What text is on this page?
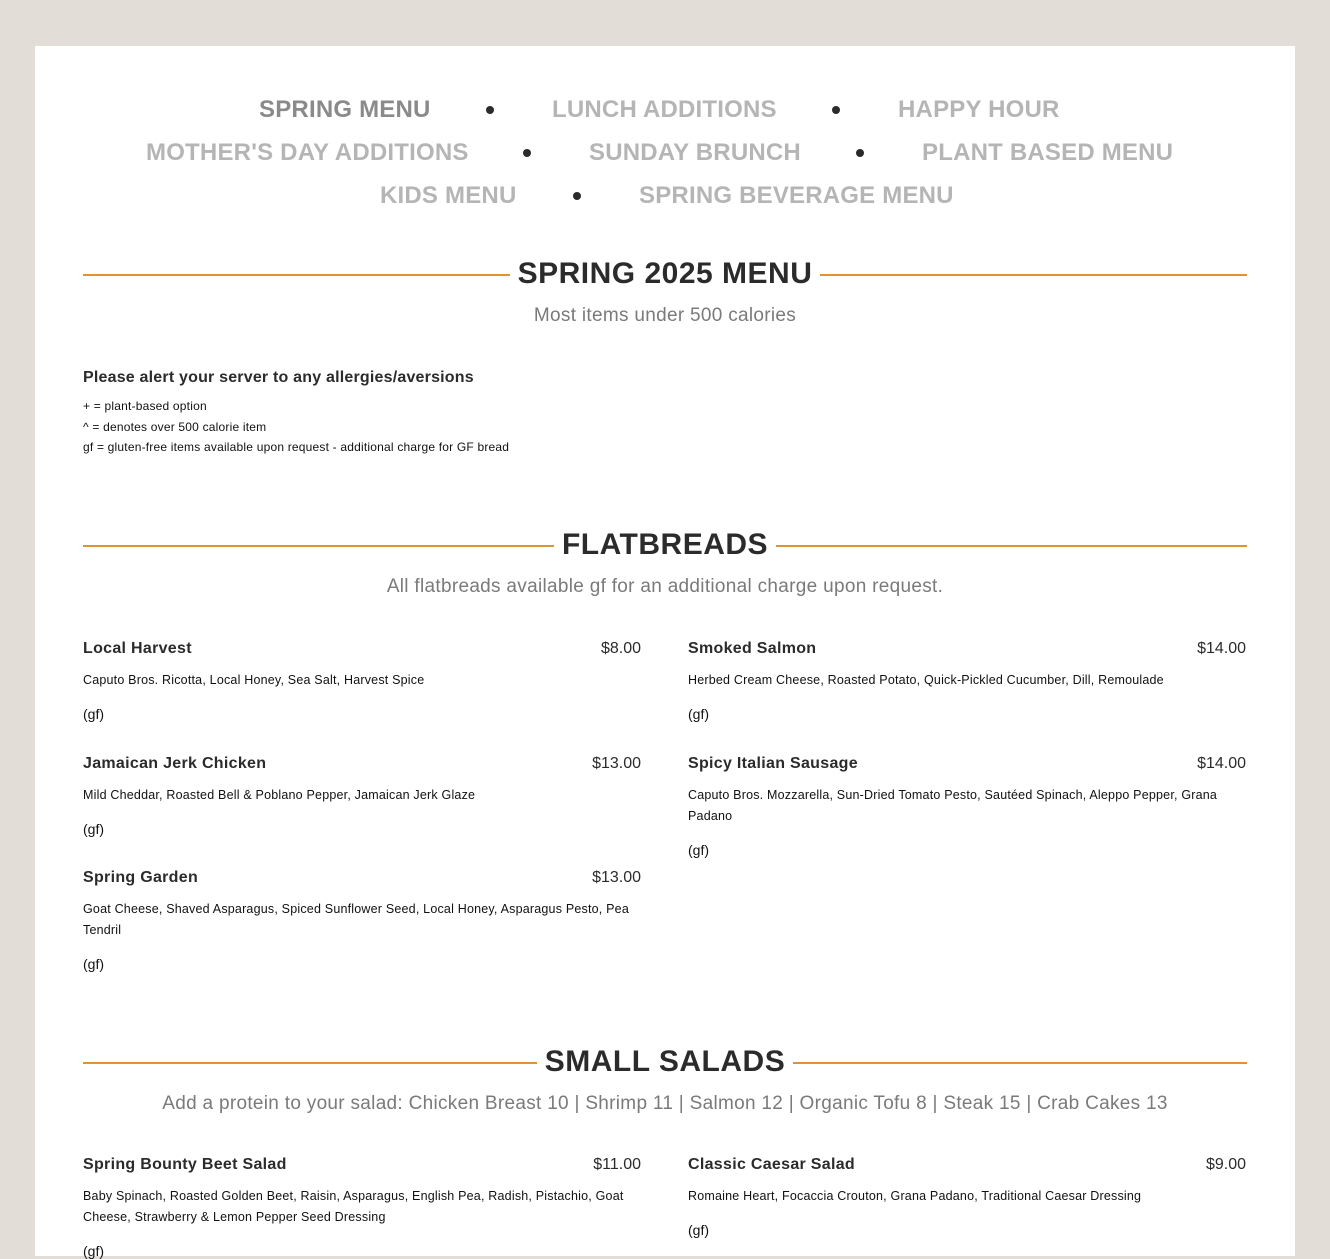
SPRING MENU	LUNCH ADDITIONS	HAPPY HOUR
MOTHER'S DAY ADDITIONS	SUNDAY BRUNCH	PLANT BASED MENU
KIDS MENU	SPRING BEVERAGE MENU
SPRING 2025 MENU
Most items under 500 calories
Please alert your server to any allergies/aversions
+ = plant-based option
^ = denotes over 500 calorie item
gf = gluten-free items available upon request - additional charge for GF bread
FLATBREADS
All flatbreads available gf for an additional charge upon request.
Local Harvest	$8.00
Caputo Bros. Ricotta, Local Honey, Sea Salt, Harvest Spice
(gf)
Smoked Salmon	$14.00
Herbed Cream Cheese, Roasted Potato, Quick-Pickled Cucumber, Dill, Remoulade
(gf)
Jamaican Jerk Chicken	$13.00
Mild Cheddar, Roasted Bell & Poblano Pepper, Jamaican Jerk Glaze
(gf)
Spicy Italian Sausage	$14.00
Caputo Bros. Mozzarella, Sun-Dried Tomato Pesto, Sautéed Spinach, Aleppo Pepper, Grana Padano
(gf)
Spring Garden	$13.00
Goat Cheese, Shaved Asparagus, Spiced Sunflower Seed, Local Honey, Asparagus Pesto, Pea Tendril
(gf)
SMALL SALADS
Add a protein to your salad: Chicken Breast 10 | Shrimp 11 | Salmon 12 | Organic Tofu 8 | Steak 15 | Crab Cakes 13
Spring Bounty Beet Salad	$11.00
Baby Spinach, Roasted Golden Beet, Raisin, Asparagus, English Pea, Radish, Pistachio, Goat Cheese, Strawberry & Lemon Pepper Seed Dressing
(gf)
Classic Caesar Salad	$9.00
Romaine Heart, Focaccia Crouton, Grana Padano, Traditional Caesar Dressing
(gf)
